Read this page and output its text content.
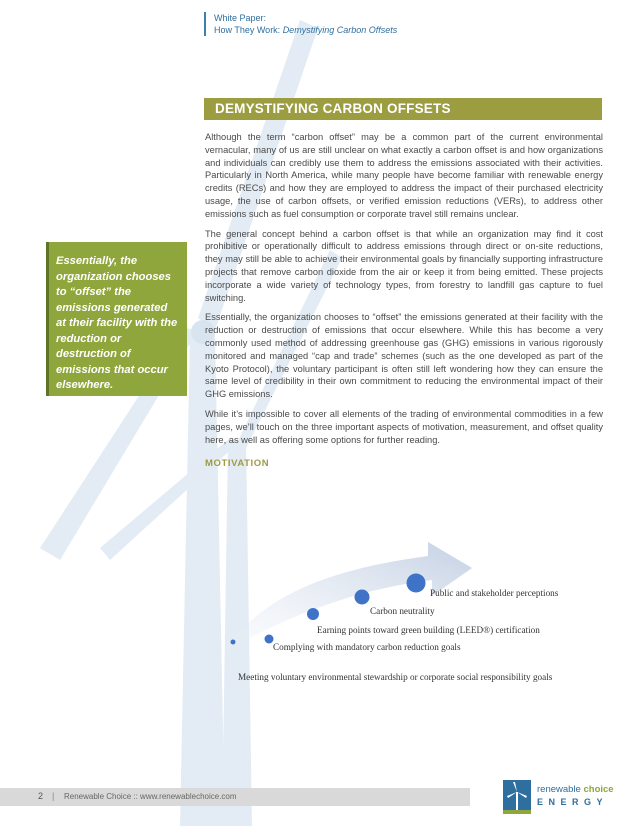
White Paper:
How They Work: Demystifying Carbon Offsets
DEMYSTIFYING CARBON OFFSETS

Although the term “carbon offset” may be a common part of the current environmental vernacular, many of us are still unclear on what exactly a carbon offset is and how organizations and individuals can credibly use them to address the emissions associated with their activities. Particularly in North America, while many people have become familiar with renewable energy credits (RECs) and how they are employed to address the impact of their purchased electricity usage, the use of carbon offsets, or verified emission reductions (VERs), to address other emissions such as fuel consumption or corporate travel still remains unclear.

The general concept behind a carbon offset is that while an organization may find it cost prohibitive or operationally difficult to address emissions through direct or on-site reductions, they may still be able to achieve their environmental goals by financially supporting infrastructure projects that remove carbon dioxide from the air or keep it from being emitted. These projects incorporate a wide variety of technology types, from forestry to landfill gas capture to fuel switching.

Essentially, the organization chooses to “offset” the emissions generated at their facility with the reduction or destruction of emissions that occur elsewhere. While this has become a very commonly used method of addressing greenhouse gas (GHG) emissions in various rigorously monitored and managed “cap and trade” schemes (such as the one developed as part of the Kyoto Protocol), the voluntary participant is often still left wondering how they can ensure the same level of credibility in their own commitment to reducing the environmental impact of their GHG emissions.

While it’s impossible to cover all elements of the trading of environmental commodities in a few pages, we’ll touch on the three important aspects of motivation, measurement, and offset quality here, as well as offering some options for further reading.

MOTIVATION
Essentially, the organization chooses to “offset” the emissions generated at their facility with the reduction or destruction of emissions that occur elsewhere.
Meeting voluntary environmental stewardship or corporate social responsibility goals
Complying with mandatory carbon reduction goals
Earning points toward green building (LEED®) certification
Carbon neutrality
Public and stakeholder perceptions
2 | Renewable Choice :: www.renewablechoice.com
renewable choice
ENERGY
